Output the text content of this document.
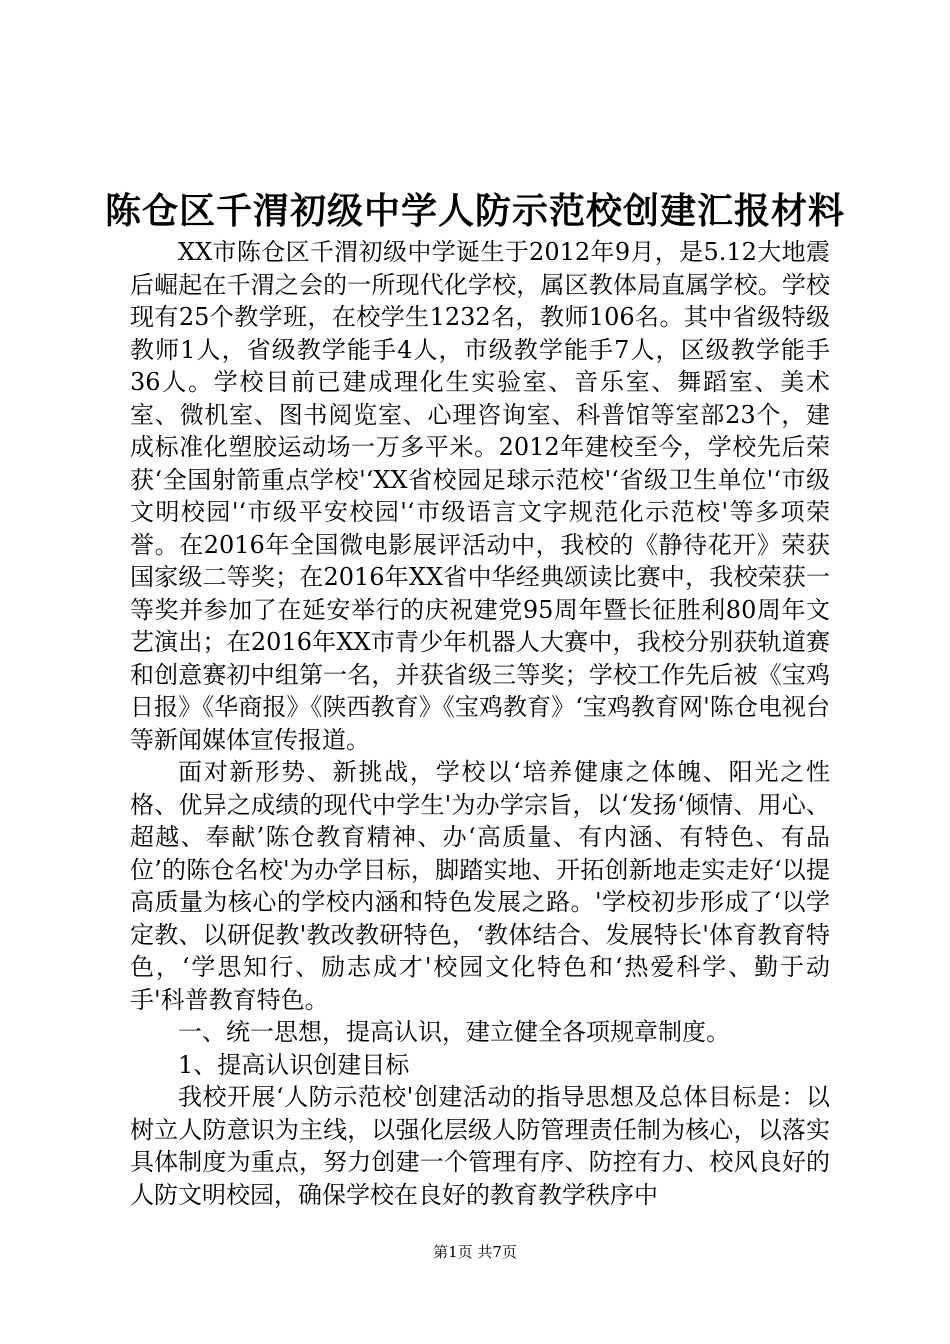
陈仓区千渭初级中学人防示范校创建汇报材料

XX市陈仓区千渭初级中学诞生于2012年9月，是5.12大地震后崛起在千渭之会的一所现代化学校，属区教体局直属学校。学校现有25个教学班，在校学生1232名，教师106名。其中省级特级教师1人，省级教学能手4人，市级教学能手7人，区级教学能手36人。学校目前已建成理化生实验室、音乐室、舞蹈室、美术室、微机室、图书阅览室、心理咨询室、科普馆等室部23个，建成标准化塑胶运动场一万多平米。2012年建校至今，学校先后荣获‘全国射箭重点学校'‘XX省校园足球示范校'‘省级卫生单位'‘市级文明校园'‘市级平安校园'‘市级语言文字规范化示范校'等多项荣誉。在2016年全国微电影展评活动中，我校的《静待花开》荣获国家级二等奖；在2016年XX省中华经典颂读比赛中，我校荣获一等奖并参加了在延安举行的庆祝建党95周年暨长征胜利80周年文艺演出；在2016年XX市青少年机器人大赛中，我校分别获轨道赛和创意赛初中组第一名，并获省级三等奖；学校工作先后被《宝鸡日报》《华商报》《陕西教育》《宝鸡教育》‘宝鸡教育网'陈仓电视台等新闻媒体宣传报道。

面对新形势、新挑战，学校以‘培养健康之体魄、阳光之性格、优异之成绩的现代中学生'为办学宗旨，以‘发扬‘倾情、用心、超越、奉献’陈仓教育精神、办‘高质量、有内涵、有特色、有品位’的陈仓名校'为办学目标，脚踏实地、开拓创新地走实走好‘以提高质量为核心的学校内涵和特色发展之路。'学校初步形成了‘以学定教、以研促教'教改教研特色，‘教体结合、发展特长'体育教育特色，‘学思知行、励志成才'校园文化特色和‘热爱科学、勤于动手'科普教育特色。

一、统一思想，提高认识，建立健全各项规章制度。

1、提高认识创建目标

我校开展‘人防示范校'创建活动的指导思想及总体目标是：以树立人防意识为主线，以强化层级人防管理责任制为核心，以落实具体制度为重点，努力创建一个管理有序、防控有力、校风良好的人防文明校园，确保学校在良好的教育教学秩序中

第1页 共7页
